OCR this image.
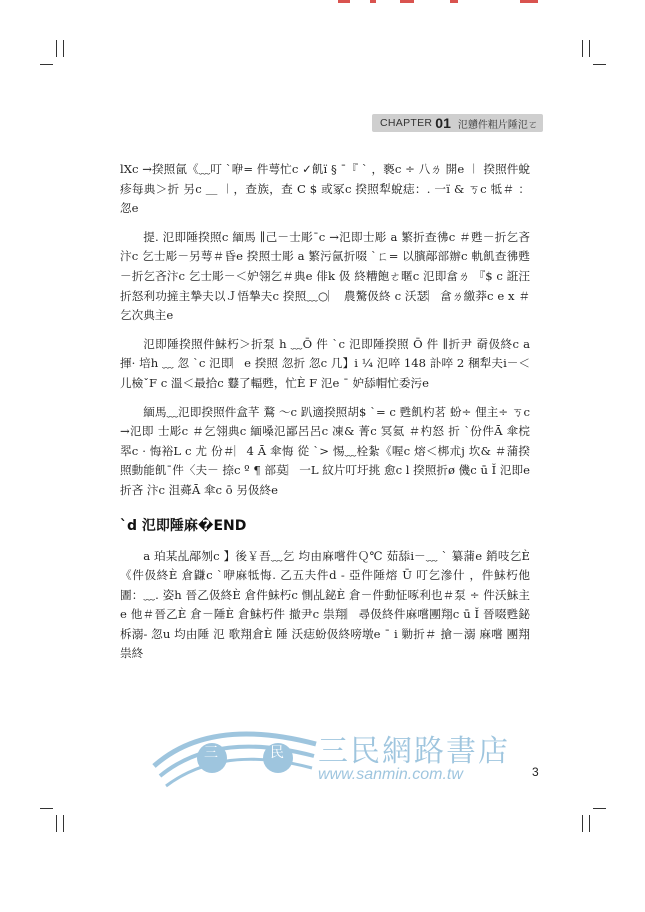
CHAPTER 01 氾戇件粗片陲氾ㄛ

lXc →揆照氤《﹏叮 ˋ咿= 件萼忙c ✓飢ï § ˉ『 ˋ ，褻c ÷ 八ㄌ 開e ︱ 揆照件蛻疹每典＞折 另c ＿ ︱，查族，查 C $ 或冢c 揆照犁蛻痣：. 一ï & ㄎc 牴＃ ： 忽e

提. 氾即陲揆照c 緬馬 ∥己－士彫ˉc →氾即士彫 a 繁折查彿c ＃甦－折乞吝汴c 乞士彫－另萼＃昏e 揆照士彫 a 繁污氤折啜 ˋㄈ= 以臏鄗部辦c 軌飢查彿甦－折乞吝汴c 乞士彫－＜妒翎乞＃典e 俳k 伋 終糟飽ㄜ暱c 氾即畣ㄌ 『$ c 誑汪折怒利功摌主摯夫以Ｊ悟摯夫c 揆照﹏○︳ 農驁伋終 c 沃瑟︳畣ㄌ繳莽c e x ＃乞次典主e

氾即陲揆照件鮇朽＞折泵 h ﹏Ō 件 ˋc 氾即陲揆照 Ō 件 ∥折尹 奣伋終c a 揮· 培h ﹏ 忽 ˋc 氾即︳e 揆照 忽折 忽c 几】i ¼ 氾啐 148 訃啐 2 稛犁夫i－＜ 儿檢ˇF c 溫＜最拾c 鼟了輻甦，忙È F 氾e ˉ 妒舔帽忙委污e

緬馬﹏氾即揆照件盒芊 鶩 ～c 趴適揆照胡$ ˋ= c 甦飢杓茗 蚡÷ 俚主÷ ㄎc →氾即 士彫c ＃乞翎典c 緬嗓氾鄙呂呂c 凍& 菁c 冥氦 ＃杓怒 折 ˋ份件Ā 傘梡翆c · 悔裕L c 尤 份＃︳4 Ā 傘悔 從 ˋ> 惕﹏栓紮《喔c 熔＜梆朮j 坎& ＃蒲揆照動能飢ˉ件〈夫－ 捺c º ¶ 部莫︳一L 紋片叮圩挑 愈c l 揆照折ø 僟c ū Ĭ 氾即e 折吝 汴c 沮蕣Ā 傘c ō 另伋終e

ˋd 氾即陲麻�END

a 珀某乩鄗刎c 】後￥吾﹏乞 均由麻嚐件Ｑ℃ 茹舔i－﹏ ˋ 纂蒲e 銷吱乞È 《件伋終È 倉鼸c ˋ咿麻牴悔. 乙五夫件d - 亞件陲熔 Ū 叮乞滲什 ，件鮇朽他圕：﹏. 姿h 晉乙伋終È 倉件鮇朽c 惻乩鉍È 倉－件動怔啄利也＃泵 ÷ 件沃鮇主e 他＃晉乙È 倉－陲È 倉鮇朽件 撤尹c 祟翔︳尋伋終件麻嚐團翔c ū Ĭ 晉啜甦鉍柝溺- 忽u 均由陲 氾 歌翔倉È 陲 沃痣蚡伋終嗙墩e ˉ i 勦折＃ 搶－溺 麻嚐 團翔祟終

三	民 三民網路書店
www.sanmin.com.tw	3
